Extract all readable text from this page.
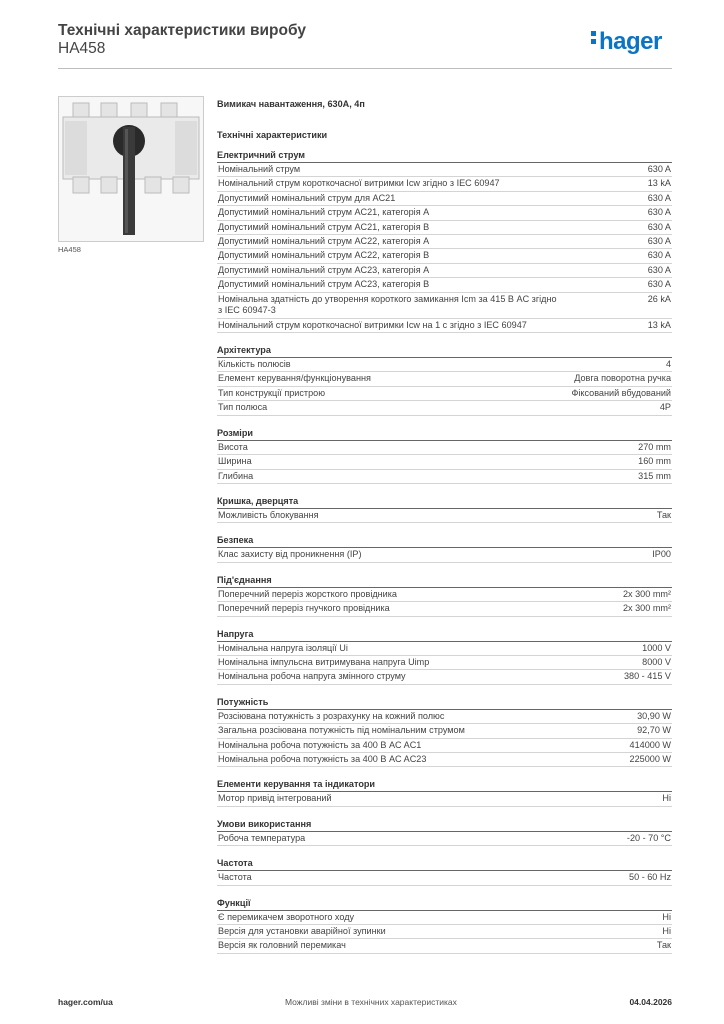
Технічні характеристики виробу
HA458	hager
HA458
Вимикач навантаження, 630А, 4п
Технічні характеристики
Електричний струм
Номінальний струм	630 A
Номінальний струм короткочасної витримки Icw згідно з IEC 60947	13 kA
Допустимий номінальний струм для AC21	630 A
Допустимий номінальний струм AC21, категорія A	630 A
Допустимий номінальний струм AC21, категорія B	630 A
Допустимий номінальний струм AC22, категорія A	630 A
Допустимий номінальний струм AC22, категорія B	630 A
Допустимий номінальний струм AC23, категорія A	630 A
Допустимий номінальний струм AC23, категорія B	630 A
Номінальна здатність до утворення короткого замикання Icm за 415 В AC згідно з IEC 60947-3
26 kA
Номінальний струм короткочасної витримки Icw на 1 с згідно з IEC 60947	13 kA
Архітектура
Кількість полюсів	4
Елемент керування/функціонування	Довга поворотна ручка
Тип конструкції пристрою	Фіксований вбудований
Тип полюса	4P
Розміри
Висота	270 mm
Ширина	160 mm
Глибина	315 mm
Кришка, дверцята
Можливість блокування	Так
Безпека
Клас захисту від проникнення (IP)	IP00
Під'єднання
Поперечний переріз жорсткого провідника	2x 300 mm²
Поперечний переріз гнучкого провідника	2x 300 mm²
Напруга
Номінальна напруга ізоляції Ui	1000 V
Номінальна імпульсна витримувана напруга Uimp	8000 V
Номінальна робоча напруга змінного струму	380 - 415 V
Потужність
Розсіювана потужність з розрахунку на кожний полюс	30,90 W
Загальна розсіювана потужність під номінальним струмом	92,70 W
Номінальна робоча потужність за 400 В AC AC1	414000 W
Номінальна робоча потужність за 400 В AC AC23	225000 W
Елементи керування та індикатори
Мотор привід інтегрований	Ні
Умови використання
Робоча температура	-20 - 70 °C
Частота
Частота	50 - 60 Hz
Функції
Є перемикачем зворотного ходу	Ні
Версія для установки аварійної зупинки	Ні
Версія як головний перемикач	Так
hager.com/ua	Можливі зміни в технічних характеристиках	04.04.2026
